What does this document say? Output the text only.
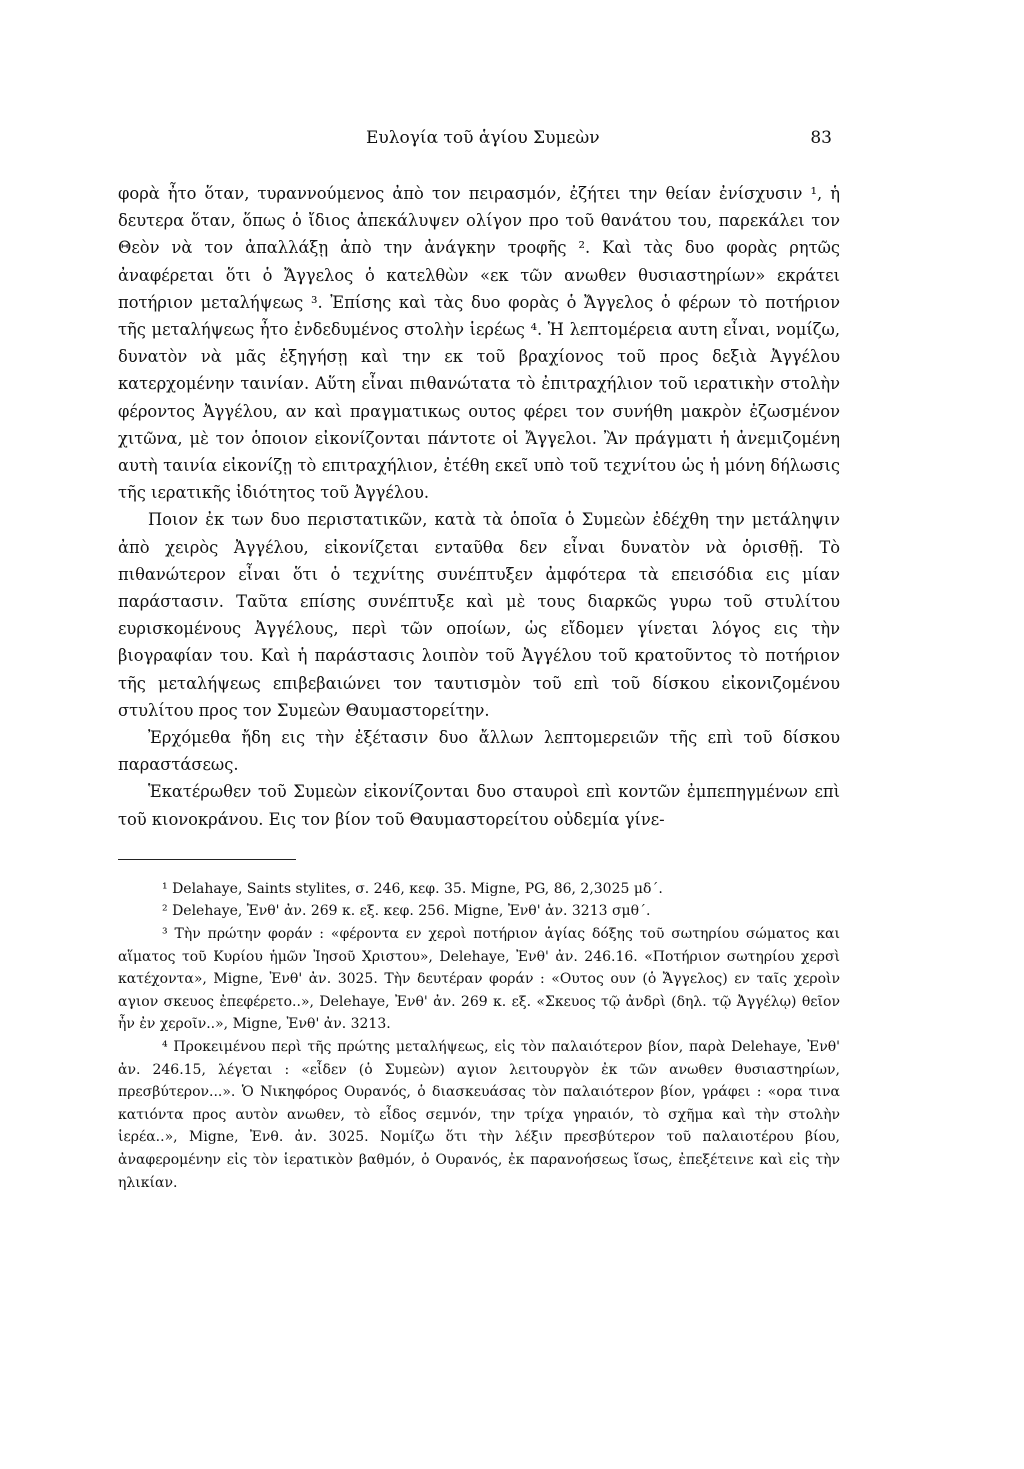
Ευλογία τοῦ ἁγίου Συμεὼν	83

φορὰ ἦτο ὅταν, τυραννούμενος ἀπὸ τον πειρασμόν, ἐζήτει την θείαν ἐνίσχυσιν ¹, ἡ δευτερα ὅταν, ὅπως ὁ ἴδιος ἀπεκάλυψεν ολίγον προ τοῦ θανάτου του, παρεκάλει τον Θεὸν νὰ τον ἀπαλλάξῃ ἀπὸ την ἀνάγκην τροφῆς ². Καὶ τὰς δυο φορὰς ρητῶς ἀναφέρεται ὅτι ὁ Ἄγγελος ὁ κατελθὼν «εκ τῶν ανωθεν θυσιαστηρίων» εκράτει ποτήριον μεταλήψεως ³. Ἐπίσης καὶ τὰς δυο φορὰς ὁ Ἄγγελος ὁ φέρων τὸ ποτήριον τῆς μεταλήψεως ἦτο ἐνδεδυμένος στολὴν ἱερέως ⁴. Ἡ λεπτομέρεια αυτη εἶναι, νομίζω, δυνατὸν νὰ μᾶς ἐξηγήσῃ καὶ την εκ τοῦ βραχίονος τοῦ προς δεξιὰ Ἀγγέλου κατερχομένην ταινίαν. Αὕτη εἶναι πιθανώτατα τὸ ἐπιτραχήλιον τοῦ ιερατικὴν στολὴν φέροντος Ἀγγέλου, αν καὶ πραγματικως ουτος φέρει τον συνήθη μακρὸν ἐζωσμένον χιτῶνα, μὲ τον ὁποιον εἰκονίζονται πάντοτε οἱ Ἄγγελοι. Ἂν πράγματι ἡ ἀνεμιζομένη αυτὴ ταινία εἰκονίζῃ τὸ επιτραχήλιον, ἐτέθη εκεῖ υπὸ τοῦ τεχνίτου ὡς ἡ μόνη δήλωσις τῆς ιερατικῆς ἰδιότητος τοῦ Ἀγγέλου.

Ποιον ἐκ των δυο περιστατικῶν, κατὰ τὰ ὁποῖα ὁ Συμεὼν ἐδέχθη την μετάληψιν ἀπὸ χειρὸς Ἀγγέλου, εἰκονίζεται ενταῦθα δεν εἶναι δυνατὸν νὰ ὁρισθῇ. Τὸ πιθανώτερον εἶναι ὅτι ὁ τεχνίτης συνέπτυξεν ἀμφότερα τὰ επεισόδια εις μίαν παράστασιν. Ταῦτα επίσης συνέπτυξε καὶ μὲ τους διαρκῶς γυρω τοῦ στυλίτου ευρισκομένους Ἀγγέλους, περὶ τῶν οποίων, ὡς εἴδομεν γίνεται λόγος εις τὴν βιογραφίαν του. Καὶ ἡ παράστασις λοιπὸν τοῦ Ἀγγέλου τοῦ κρατοῦντος τὸ ποτήριον τῆς μεταλήψεως επιβεβαιώνει τον ταυτισμὸν τοῦ επὶ τοῦ δίσκου εἰκονιζομένου στυλίτου προς τον Συμεὼν Θαυμαστορείτην.

Ἐρχόμεθα ἤδη εις τὴν ἐξέτασιν δυο ἄλλων λεπτομερειῶν τῆς επὶ τοῦ δίσκου παραστάσεως.

Ἑκατέρωθεν τοῦ Συμεὼν εἰκονίζονται δυο σταυροὶ επὶ κοντῶν ἐμπεπηγμένων επὶ τοῦ κιονοκράνου. Εις τον βίον τοῦ Θαυμαστορείτου οὐδεμία γίνε-

¹ Delahaye, Saints stylites, σ. 246, κεφ. 35. Migne, PG, 86, 2,3025 μδ΄.

² Delehaye, Ἐνθ' ἀν. 269 κ. εξ. κεφ. 256. Migne, Ἐνθ' ἀν. 3213 σμθ΄.

³ Τὴν πρώτην φοράν : «φέροντα εν χεροὶ ποτήριον ἁγίας δόξης τοῦ σωτηρίου σώματος και αἵματος τοῦ Κυρίου ἡμῶν Ἰησοῦ Χριστου», Delehaye, Ἐνθ' ἀν. 246.16. «Ποτήριον σωτηρίου χερσὶ κατέχοντα», Migne, Ἐνθ' ἀν. 3025. Τὴν δευτέραν φοράν : «Ουτος ουν (ὁ Ἄγγελος) εν ταῖς χεροὶν αγιον σκευος ἐπεφέρετο..», Delehaye, Ἐνθ' ἀν. 269 κ. εξ. «Σκευος τῷ ἀνδρὶ (δηλ. τῷ Ἀγγέλῳ) θεῖον ἦν ἐν χεροῖν..», Migne, Ἐνθ' ἀν. 3213.

⁴ Προκειμένου περὶ τῆς πρώτης μεταλήψεως, εἰς τὸν παλαιότερον βίον, παρὰ Delehaye, Ἐνθ' ἀν. 246.15, λέγεται : «εἶδεν (ὁ Συμεὼν) αγιον λειτουργὸν ἐκ τῶν ανωθεν θυσιαστηρίων, πρεσβύτερον...». Ὁ Νικηφόρος Ουρανός, ὁ διασκευάσας τὸν παλαιότερον βίον, γράφει : «ορα τινα κατιόντα προς αυτὸν ανωθεν, τὸ εἶδος σεμνόν, την τρίχα γηραιόν, τὸ σχῆμα καὶ τὴν στολὴν ἱερέα..», Migne, Ἐνθ. ἀν. 3025. Νομίζω ὅτι τὴν λέξιν πρεσβύτερον τοῦ παλαιοτέρου βίου, ἀναφερομένην εἰς τὸν ἱερατικὸν βαθμόν, ὁ Ουρανός, ἐκ παρανοήσεως ἴσως, ἐπεξέτεινε καὶ εἰς τὴν ηλικίαν.
